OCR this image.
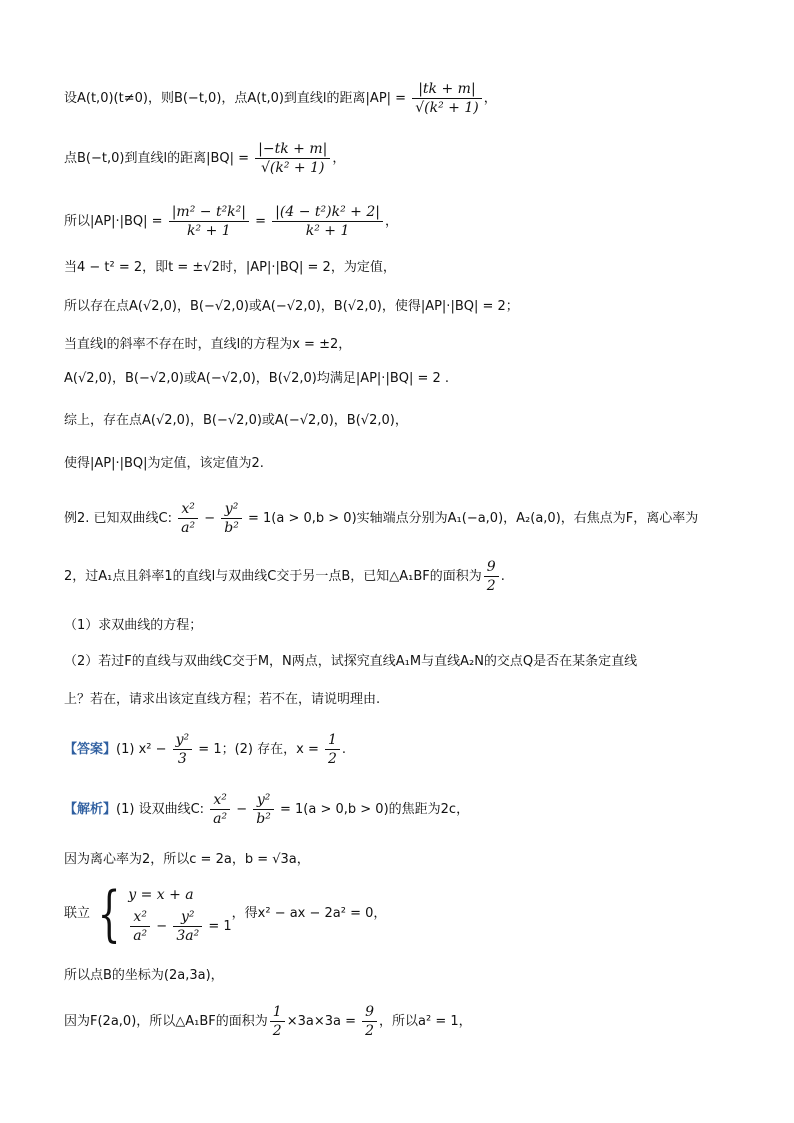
设A(t,0)(t≠0)，则B(−t,0)，点A(t,0)到直线l的距离$|AP| = \frac{|tk + m|}{\text{√(k² + 1)}}$ ，
点B(−t,0)到直线l的距离$|BQ| = \frac{|-tk + m|}{\text{√(k² + 1)}}$ ，
所以$|AP|\cdot|BQ| = \frac{\text{|m² − t²k²|}}{\text{k² + 1}} = \frac{\text{|(4 − t²)k² + 2|}}{\text{k² + 1}}$ ，
当4 − t² = 2，即t = ±√2时，|AP|·|BQ| = 2，为定值，
所以存在点A(√2,0)，B(−√2,0)或A(−√2,0)，B(√2,0)，使得|AP|·|BQ| = 2；
当直线l的斜率不存在时，直线l的方程为x = ±2，
A(√2,0)，B(−√2,0)或A(−√2,0)，B(√2,0)均满足|AP|·|BQ| = 2 .
综上，存在点A(√2,0)，B(−√2,0)或A(−√2,0)，B(√2,0)，
使得|AP|·|BQ|为定值，该定值为2.
例2. 已知双曲线C: $\frac{\text{x²}}{\text{a²}} - \frac{\text{y²}}{\text{b²}} = 1(a > 0,b > 0)$实轴端点分别为A₁(−a,0)，A₂(a,0)，右焦点为F，离心率为
2，过A₁点且斜率1的直线l与双曲线C交于另一点B，已知△A₁BF的面积为 $\frac{9}{2}$ .
（1）求双曲线的方程；
（2）若过F的直线与双曲线C交于M，N两点，试探究直线A₁M与直线A₂N的交点Q是否在某条定直线
上？若在，请求出该定直线方程；若不在，请说明理由.
【答案】(1) $x^2 - \frac{\text{y²}}{3} = 1$；(2) 存在，$x = \frac{1}{2}$ .
【解析】(1) 设双曲线C: $\frac{\text{x²}}{\text{a²}} - \frac{\text{y²}}{\text{b²}} = 1(a > 0,b > 0)$的焦距为2c，
因为离心率为2，所以c = 2a，b = √3a，
联立 { y = x + a
$\frac{\text{x²}}{\text{a²}} - \frac{\text{y²}}{\text{3a²}} = 1$
，得x² − ax − 2a² = 0，
所以点B的坐标为(2a,3a)，
因为F(2a,0)，所以△A₁BF的面积为 $\frac{1}{2} \times 3a\times 3a = \frac{9}{2}$ ，所以a² = 1，
